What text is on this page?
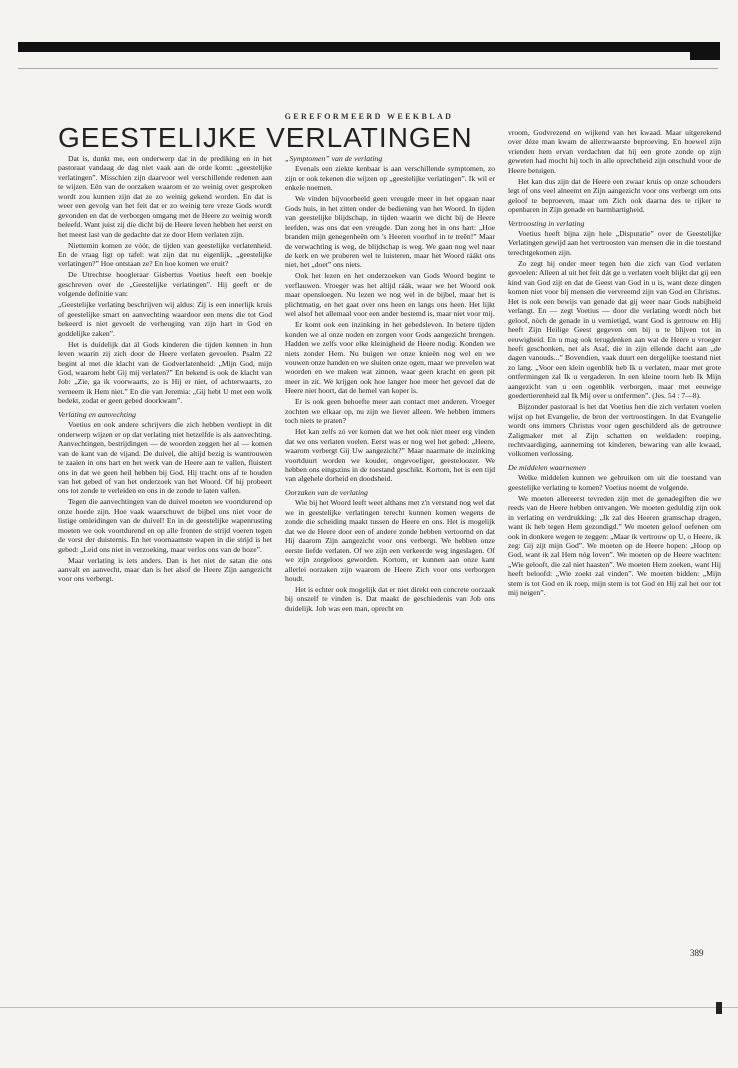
GEREFORMEERD WEEKBLAD
GEESTELIJKE VERLATINGEN

Dat is, dunkt me, een onderwerp dat in de prediking en in het pastoraat vandaag de dag niet vaak aan de orde komt: „geestelijke verlatingen”. Misschien zijn daarvoor wel verschillende redenen aan te wijzen. Eén van de oorzaken waarom er zo weinig over gesproken wordt zou kunnen zijn dat ze zo weinig gekend worden. En dat is weer een gevolg van het feit dat er zo weinig tere vreze Gods wordt gevonden en dat de verborgen omgang met de Heere zo weinig wordt beleefd. Want juist zij die dicht bij de Heere leven hebben het eerst en het meest last van de gedachte dat ze door Hem verlaten zijn.

Niettemin komen ze vóór, de tijden van geestelijke verlatenheid. En de vraag ligt op tafel: wat zijn dat nu eigenlijk, „geestelijke verlatingen?” Hoe ontstaan ze? En hoe komen we eruit?

De Utrechtse hoogleraar Gisbertus Voetius heeft een boekje geschreven over de „Geestelijke verlatingen”. Hij geeft er de volgende definitie van:

„Geestelijke verlating beschrijven wij aldus: Zij is een innerlijk kruis of geestelijke smart en aanvechting waardoor een mens die tot God bekeerd is niet gevoelt de verheuging van zijn hart in God en goddelijke zaken”.

Het is duidelijk dat ál Gods kinderen die tijden kennen in hun leven waarin zij zich door de Heere verlaten gevoelen. Psalm 22 begint al met die klacht van de Godverlatenheid: „Mijn God, mijn God, waarom hebt Gij mij verlaten?” En bekend is ook de klacht van Job: „Zie, ga ik voorwaarts, zo is Hij er niet, of achterwaarts, zo verneem ik Hem niet.” En die van Jeremia: „Gij hebt U met een wolk bedekt, zodat er geen gebed doorkwam”.

Verlating en aanvechting

Voetius en ook andere schrijvers die zich hebben verdiept in dit onderwerp wijzen er op dat verlating niet hetzelfde is als aanvechting. Aanvechtingen, bestrijdingen — de woorden zeggen het al — komen van de kant van de vijand. De duivel, die altijd bezig is wantrouwen te zaaien in ons hart en het werk van de Heere aan te vallen, fluistert ons in dat we geen heil hebben bij God. Hij tracht ons af te houden van het gebed of van het onderzoek van het Woord. Of hij probeert ons tot zonde te verleiden en ons in de zonde te laten vallen.

Tegen die aanvechtingen van de duivel moeten we voortdurend op onze hoede zijn. Hoe vaak waarschuwt de bijbel ons niet voor de listige omleidingen van de duivel! En in de geestelijke wapenrusting moeten we ook voortdurend en op alle fronten de strijd voeren tegen de vorst der duisternis. En het voornaamste wapen in die strijd is het gebed: „Leid ons niet in verzoeking, maar verlos ons van de boze”.

Maar verlating is iets anders. Dan is het niet de satan die ons aanvalt en aanvecht, maar dan is het alsof de Heere Zijn aangezicht voor ons verbergt.

„Symptomen” van de verlating

Evenals een ziekte kenbaar is aan verschillende symptomen, zo zijn er ook tekenen die wijzen op „geestelijke verlatingen”. Ik wil er enkele noemen.

We vinden bijvoorbeeld geen vreugde meer in het opgaan naar Gods huis, in het zitten onder de bediening van het Woord. In tijden van geestelijke blijdschap, in tijden waarin we dicht bij de Heere leefden, was ons dat een vreugde. Dan zong het in ons hart: „Hoe branden mijn genegenheên om 's Heeren voorhof in te treên!” Maar de verwachting is weg, de blijdschap is weg. We gaan nog wel naar de kerk en we proberen wel te luisteren, maar het Woord ráákt ons niet, het „doet” ons niets.

Ook het lezen en het onderzoeken van Gods Woord begint te verflauwen. Vroeger was het altijd ráák, waar we het Woord ook maar opensloegen. Nu lezen we nog wel in de bijbel, maar het is plichtmatig, en het gaat over ons heen en langs ons heen. Het lijkt wel alsof het allemaal voor een ander bestemd is, maar niet voor mij.

Er komt ook een inzinking in het gebedsleven. In betere tijden konden we al onze noden en zorgen voor Gods aangezicht brengen. Hadden we zelfs voor elke kleinigheid de Heere nodig. Konden we niets zonder Hem. Nu buigen we onze knieën nog wel en we vouwen onze handen en we sluiten onze ogen, maar we preveIen wat woorden en we maken wat zinnen, waar geen kracht en geen pit meer in zit. We krijgen ook hoe langer hoe meer het gevoel dat de Heere niet hoort, dat de hemel van koper is.

Er is ook geen behoefte meer aan contact met anderen. Vroeger zochten we elkaar op, nu zijn we liever alleen. We hebben immers toch niets te praten?

Het kan zelfs zó ver komen dat we het ook niet meer erg vinden dat we ons verlaten voelen. Eerst was er nog wel het gebed: „Heere, waarom verbergt Gij Uw aangezicht?” Maar naarmate de inzinking voortduurt worden we kouder, ongevoeliger, geesteloozer. We hebben ons eingszins in de toestand geschikt. Kortom, het is een tijd van algehele dorheid en doodsheid.

Oorzaken van de verlating

Wie bij het Woord leeft weet althans met z'n verstand nog wel dat we in geestelijke verlatingen terecht kunnen komen wegens de zonde die scheiding maakt tussen de Heere en ons. Het is mogelijk dat we de Heere door een of andere zonde hebben vertoornd en dat Hij daarom Zijn aangezicht voor ons verbergt. We hebben onze eerste liefde verlaten. Of we zijn een verkeerde weg ingeslagen. Of we zijn zorgeloos geworden. Kortom, er kunnen aan onze kant allerlei oorzaken zijn waarom de Heere Zich voor ons verborgen houdt.

Het is echter ook mogelijk dat er niet direkt een concrete oorzaak bij onszelf te vinden is. Dat maakt de geschiedenis van Job ons duidelijk. Job was een man, oprecht en

vroom, Godvrezend en wijkend van het kwaad. Maar uitgerekend over déze man kwam de allerzwaarste beproeving. En hoewel zijn vrienden hem ervan verdachten dat hij een grote zonde op zijn geweten had mocht hij toch in alle oprechtheid zijn onschuld voor de Heere betuigen.

Het kan dus zijn dat de Heere een zwaar kruis op onze schouders legt of ons veel alneemt en Zijn aangezicht voor ons verbergt om ons geloof te beproeven, maar om Zich ook daarna des te rijker te openbaren in Zijn genade en barmhartigheid.

Vertroosting in verlating

Voetius heeft bijna zijn hele „Disputatie” over de Geestelijke Verlatingen gewijd aan het vertroosten van mensen die in die toestand terechtgekomen zijn.

Zo zegt hij onder meer tegen hen die zich van God verlaten gevoelen: Alleen al uit het feit dát ge u verlaten voelt blijkt dat gij een kind van God zijt en dat de Geest van God in u is, want deze dingen komen niet voor bij mensen die vervreemd zijn van God en Christus. Het is ook een bewijs van genade dat gij weer naar Gods nabijheid verlangt. En — zegt Voetius — door die verlating wordt nòch het geloof, nòch de genade in u vernietigd, want God is getrouw en Hij heeft Zijn Heilige Geest gegeven om bij u te blijven tot in eeuwigheid. En u mag ook terugdenken aan wat de Heere u vroeger heeft geschonken, net als Asaf, die in zijn ellende dacht aan „de dagen vanouds...” Bovendien, vaak duurt een dergelijke toestand niet zo lang. „Voor een klein ogenblik heb Ik u verlaten, maar met grote ontfermingen zal Ik u vergaderen. In een kleine toorn heb Ik Mijn aangezicht van u een ogenblik verborgen, maar met eeuwige goedertierenheid zal Ik Mij over u ontfermen”. (Jes. 54 : 7—8).

Bijzonder pastoraal is het dat Voetius hen die zich verlaten voelen wijst op het Evangelie, de bron der vertroostingen. In dat Evangelie wordt ons immers Christus voor ogen geschilderd als de getrouwe Zaligmaker met al Zijn schatten en weldaden: roeping, rechtvaardiging, aanneming tot kinderen, bewaring van alle kwaad, volkomen verlossing.

De middelen waarnemen

Welke middelen kunnen we gebruiken om uit die toestand van geestelijke verlating te komen? Voetius noemt de volgende.

We moeten allereerst tevreden zijn met de genadegiften die we reeds van de Heere hebben ontvangen. We moeten geduldig zijn ook in verlating en verdrukking: „Ik zal des Heeren gramschap dragen, want ik heb tegen Hem gezondigd.” We moeten geloof oefenen om ook in donkere wegen te zeggen: „Maar ik vertrouw op U, o Heere, ik zeg: Gij zijt mijn God”. We moeten op de Heere hopen: „Hoop op God, want ik zal Hem nóg loven”. We moeten op de Heere wachten: „Wie gelooft, die zal niet haasten”. We moeten Hem zoeken, want Hij heeft beloofd: „Wie zoekt zal vinden”. We moeten bidden: „Mijn stem is tot God en ik roep, mijn stem is tot God en Hij zal het oor tot mij neigen”.

389
